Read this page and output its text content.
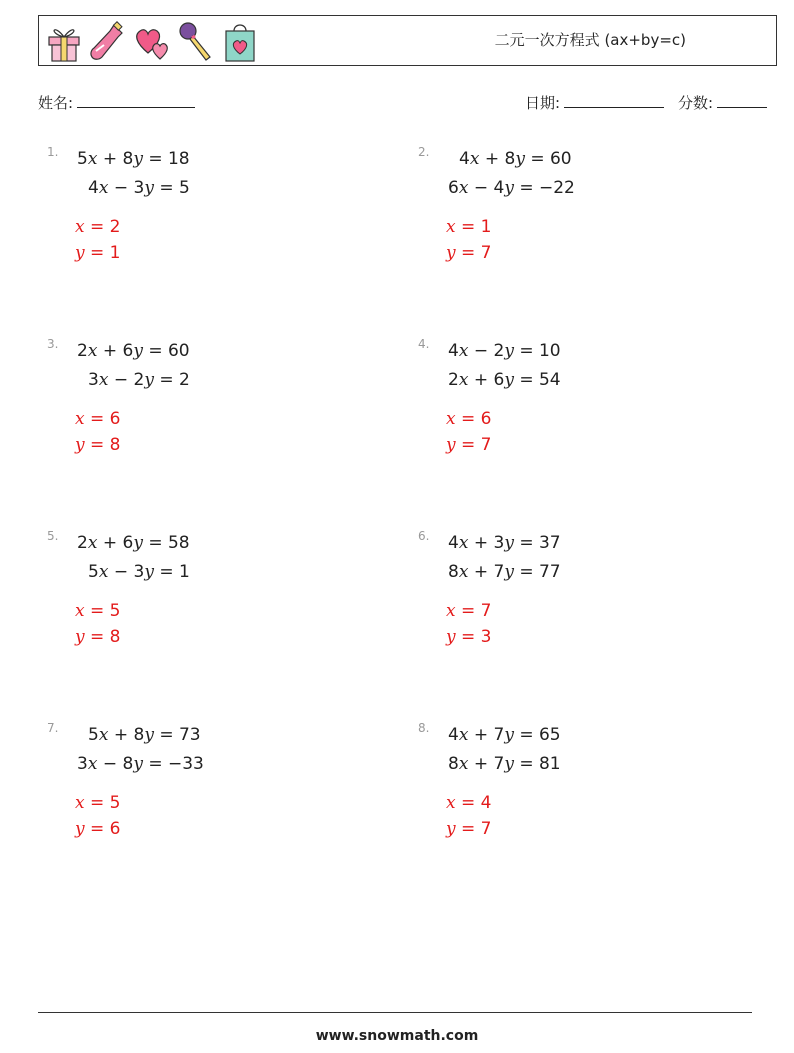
二元一次方程式 (ax+by=c)
姓名:	日期:	分数:
1. 5x + 8y = 18
4x − 3y = 5
x = 2
y = 1
2. 4x + 8y = 60
6x − 4y = −22
x = 1
y = 7
3. 2x + 6y = 60
3x − 2y = 2
x = 6
y = 8
4. 4x − 2y = 10
2x + 6y = 54
x = 6
y = 7
5. 2x + 6y = 58
5x − 3y = 1
x = 5
y = 8
6. 4x + 3y = 37
8x + 7y = 77
x = 7
y = 3
7. 5x + 8y = 73
3x − 8y = −33
x = 5
y = 6
8. 4x + 7y = 65
8x + 7y = 81
x = 4
y = 7
www.snowmath.com
